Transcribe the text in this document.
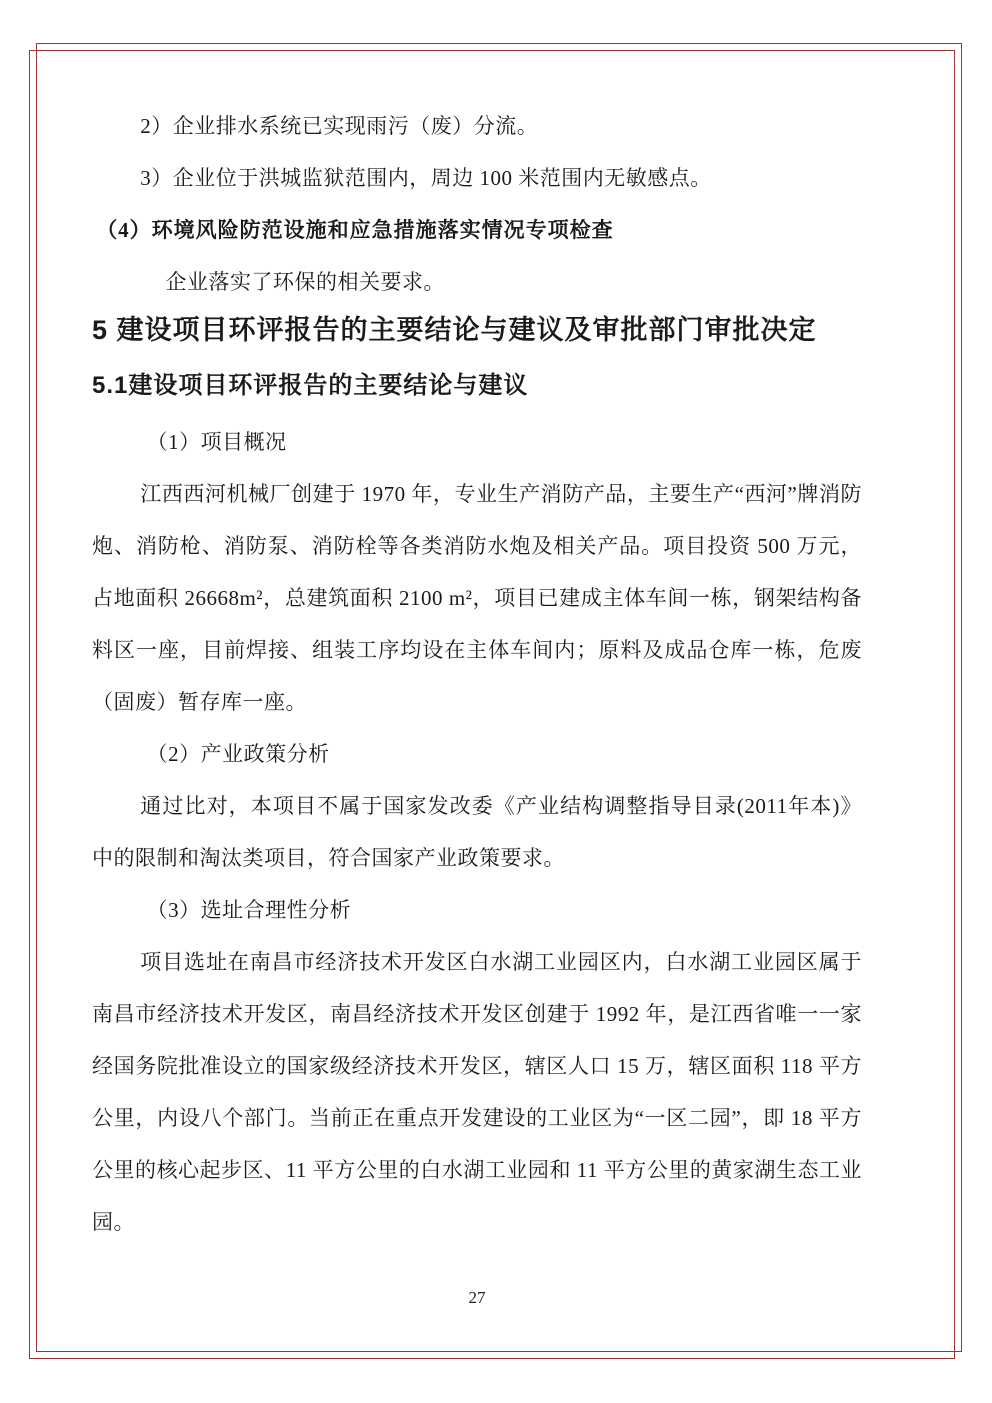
2）企业排水系统已实现雨污（废）分流。

3）企业位于洪城监狱范围内，周边 100 米范围内无敏感点。

（4）环境风险防范设施和应急措施落实情况专项检查

企业落实了环保的相关要求。

5 建设项目环评报告的主要结论与建议及审批部门审批决定
5.1建设项目环评报告的主要结论与建议

（1）项目概况

江西西河机械厂创建于 1970 年，专业生产消防产品，主要生产“西河”牌消防炮、消防枪、消防泵、消防栓等各类消防水炮及相关产品。项目投资 500 万元，占地面积 26668m²，总建筑面积 2100 m²，项目已建成主体车间一栋，钢架结构备料区一座，目前焊接、组装工序均设在主体车间内；原料及成品仓库一栋，危废（固废）暂存库一座。

（2）产业政策分析

通过比对，本项目不属于国家发改委《产业结构调整指导目录(2011年本)》中的限制和淘汰类项目，符合国家产业政策要求。

（3）选址合理性分析

项目选址在南昌市经济技术开发区白水湖工业园区内，白水湖工业园区属于南昌市经济技术开发区，南昌经济技术开发区创建于 1992 年，是江西省唯一一家经国务院批准设立的国家级经济技术开发区，辖区人口 15 万，辖区面积 118 平方公里，内设八个部门。当前正在重点开发建设的工业区为“一区二园”，即 18 平方公里的核心起步区、11 平方公里的白水湖工业园和 11 平方公里的黄家湖生态工业园。

27
